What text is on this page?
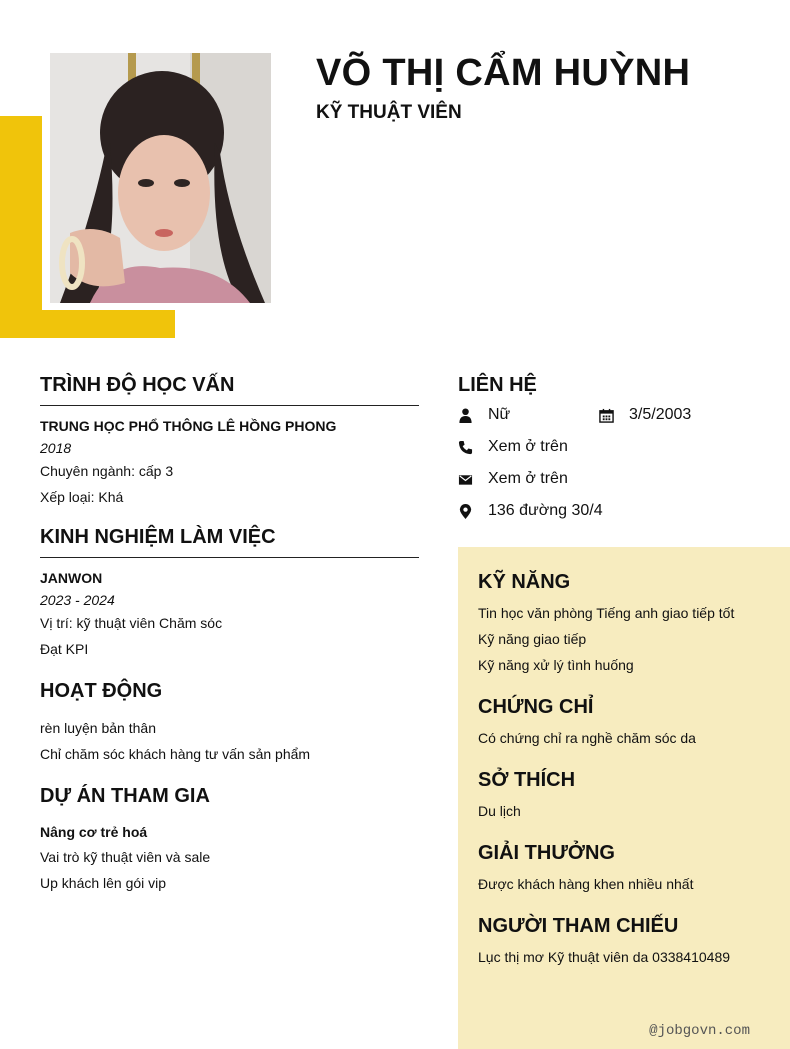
VÕ THỊ CẨM HUỲNH
KỸ THUẬT VIÊN
TRÌNH ĐỘ HỌC VẤN

TRUNG HỌC PHỔ THÔNG LÊ HỒNG PHONG

2018

Chuyên ngành: cấp 3

Xếp loại: Khá

KINH NGHIỆM LÀM VIỆC

JANWON

2023 - 2024

Vị trí: kỹ thuật viên Chăm sóc

Đạt KPI

HOẠT ĐỘNG

rèn luyện bản thân

Chỉ chăm sóc khách hàng tư vấn sản phẩm

DỰ ÁN THAM GIA

Nâng cơ trẻ hoá

Vai trò kỹ thuật viên và sale

Up khách lên gói vip

LIÊN HỆ
Nữ	3/5/2003
Xem ở trên
Xem ở trên
136 đường 30/4
KỸ NĂNG

Tin học văn phòng Tiếng anh giao tiếp tốt

Kỹ năng giao tiếp

Kỹ năng xử lý tình huống

CHỨNG CHỈ

Có chứng chỉ ra nghề chăm sóc da

SỞ THÍCH

Du lịch

GIẢI THƯỞNG

Được khách hàng khen nhiều nhất

NGƯỜI THAM CHIẾU

Lục thị mơ Kỹ thuật viên da 0338410489

@jobgovn.com
